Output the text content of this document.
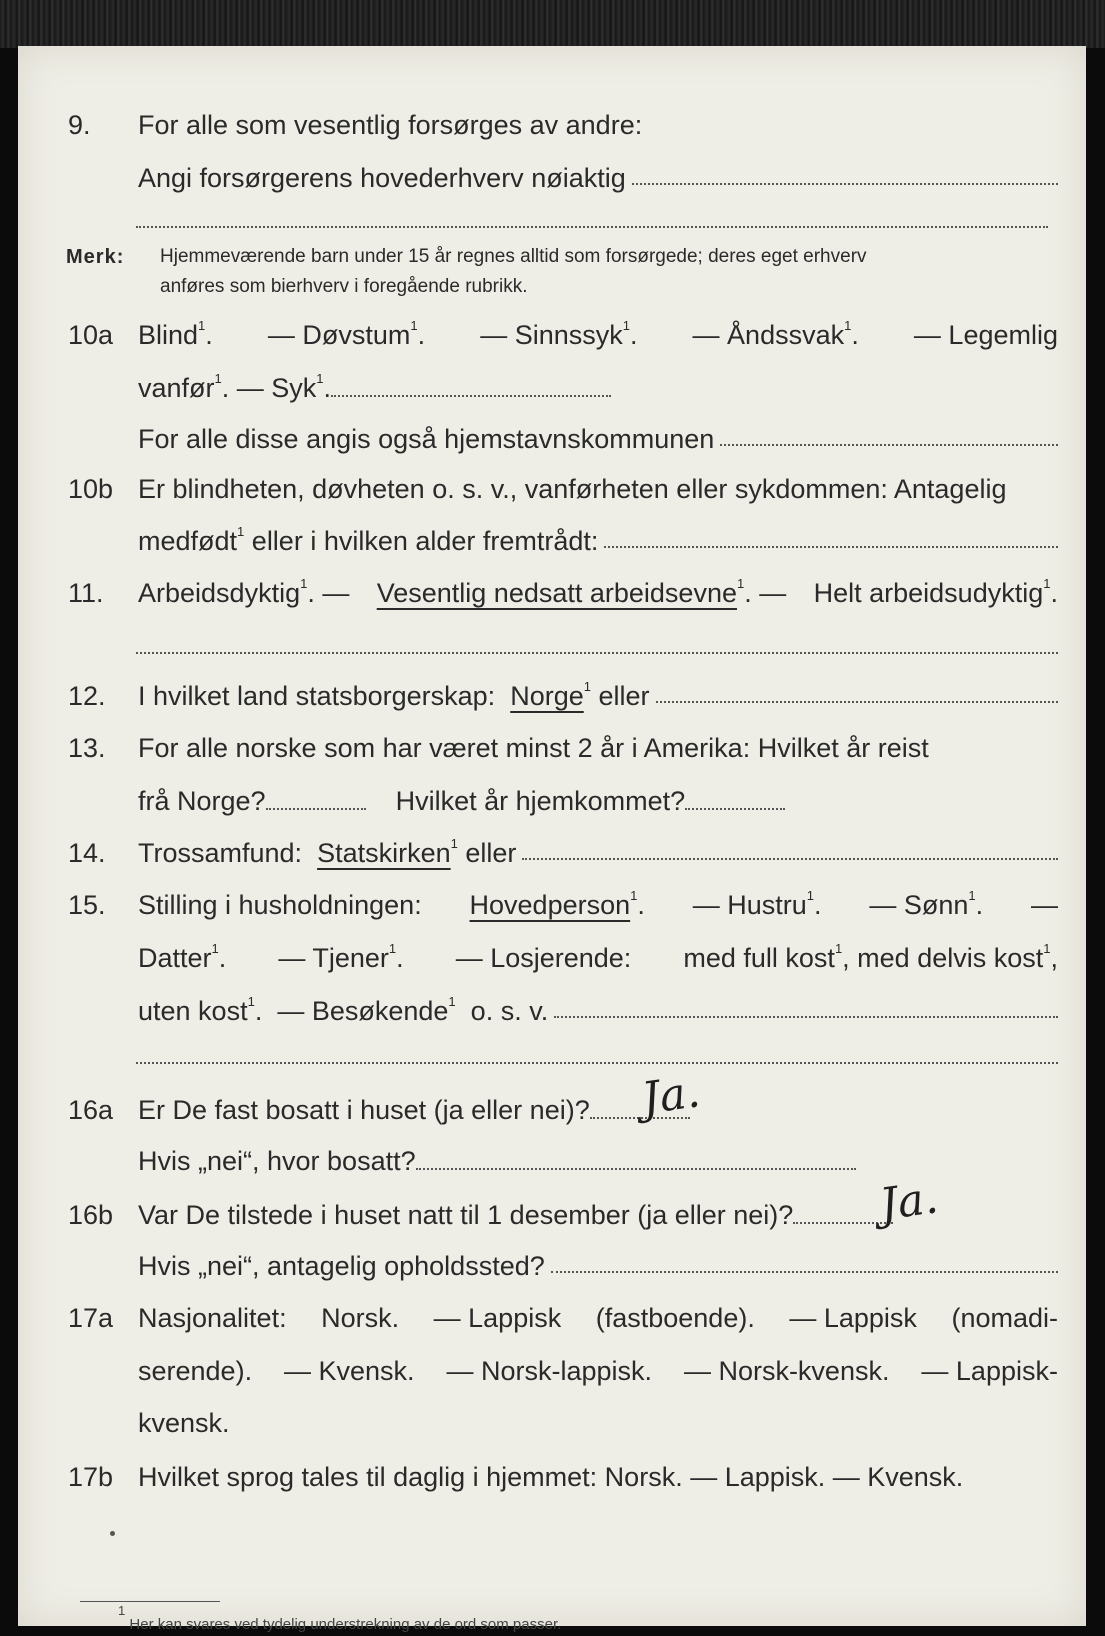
9.	For alle som vesentlig forsørges av andre:
Angi forsørgerens hovederhverv nøiaktig
Merk: Hjemmeværende barn under 15 år regnes alltid som forsørgede; deres eget erhverv
anføres som bierhverv i foregående rubrikk.
10a Blind$^1$. — Døvstum$^1$. — Sinnssyk$^1$. — Åndssvak$^1$. — Legemlig
vanfør$^1$. — Syk$^1$.
For alle disse angis også hjemstavnskommunen
10b Er blindheten, døvheten o. s. v., vanførheten eller sykdommen: Antagelig
medfødt$^1$ eller i hvilken alder fremtrådt:
11.	Arbeidsdyktig$^1$. — Vesentlig nedsatt arbeidsevne$^1$. — Helt arbeidsudyktig$^1$.
12.	I hvilket land statsborgerskap: Norge$^1$ eller
13.	For alle norske som har været minst 2 år i Amerika: Hvilket år reist
frå Norge?	Hvilket år hjemkommet?
14.	Trossamfund: Statskirken$^1$ eller
15.	Stilling i husholdningen: Hovedperson$^1$. — Hustru$^1$. — Sønn$^1$. —
Datter$^1$. — Tjener$^1$. — Losjerende: med full kost$^1$, med delvis kost$^1$,
uten kost$^1$.  — Besøkende$^1$ o. s. v.
16a Er De fast bosatt i huset (ja eller nei)?	Ja.
Hvis „nei“, hvor bosatt?
16b Var De tilstede i huset natt til 1 desember (ja eller nei)?	Ja.
Hvis „nei“, antagelig opholdssted?
17a Nasjonalitet: Norsk. — Lappisk (fastboende). — Lappisk (nomadi-
serende). — Kvensk. — Norsk-lappisk. — Norsk-kvensk. — Lappisk-
kvensk.
17b Hvilket sprog tales til daglig i hjemmet: Norsk. — Lappisk. — Kvensk.
$^1$ Her kan svares ved tydelig understrekning av de ord som passer.
